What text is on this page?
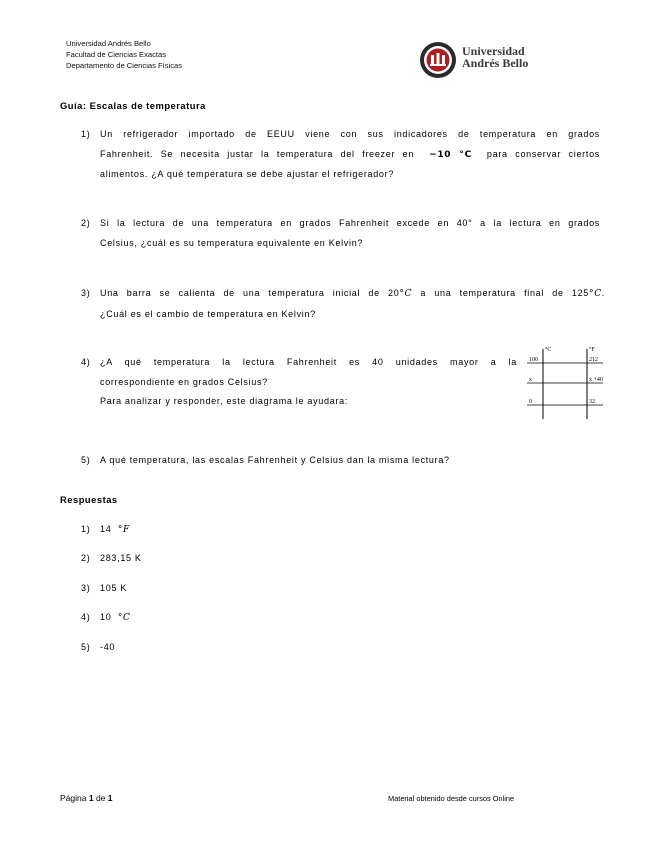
Universidad Andrés Bello
Facultad de Ciencias Exactas
Departamento de Ciencias Físicas
Universidad
Andrés Bello
Guía: Escalas de temperatura
1) Un refrigerador importado de EEUU viene con sus indicadores de temperatura en grados
Fahrenheit. Se necesita justar la temperatura del freezer en −10 °C para conservar ciertos
alimentos. ¿A qué temperatura se debe ajustar el refrigerador?
2) Si la lectura de una temperatura en grados Fahrenheit excede en 40° a la lectura en grados
Celsius, ¿cuál es su temperatura equivalente en Kelvin?
3) Una barra se calienta de una temperatura inicial de 20°C a una temperatura final de 125°C.
¿Cuál es el cambio de temperatura en Kelvin?
4) ¿A qué temperatura la lectura Fahrenheit es 40 unidades mayor a la
correspondiente en grados Celsius?
Para analizar y responder, este diagrama le ayudara:
°C	°F
100	212
x	x +40
0	32
5) A qué temperatura, las escalas Fahrenheit y Celsius dan la misma lectura?
Respuestas
1) 14 °F
2) 283,15 K
3) 105 K
4) 10 °C
5) -40
Página 1 de 1	Material obtenido desde cursos Online
